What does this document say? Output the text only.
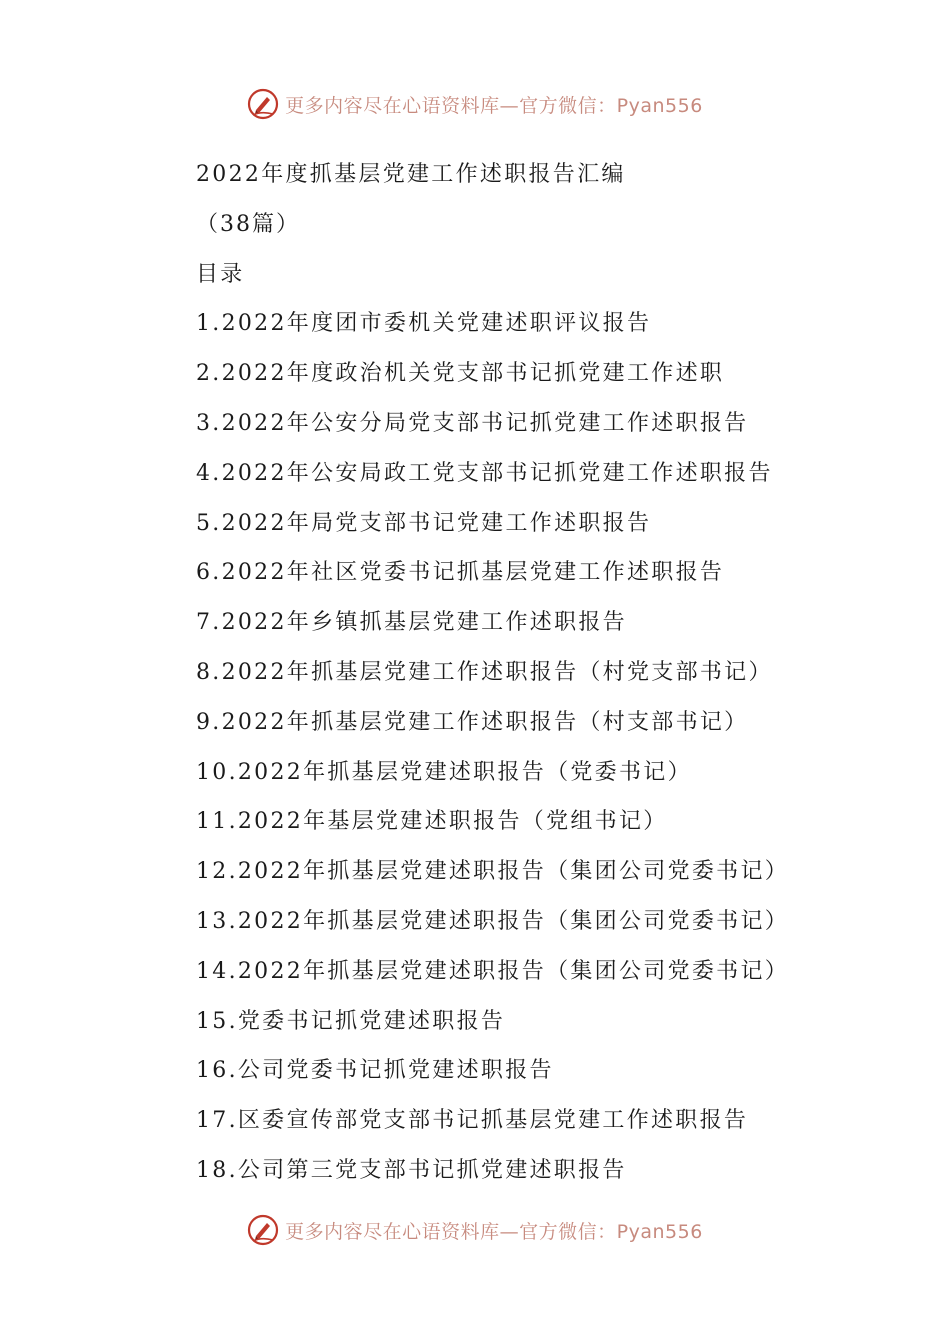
更多内容尽在心语资料库—官方微信：Pyan556
2022年度抓基层党建工作述职报告汇编
（38篇）
目录
1.2022年度团市委机关党建述职评议报告
2.2022年度政治机关党支部书记抓党建工作述职
3.2022年公安分局党支部书记抓党建工作述职报告
4.2022年公安局政工党支部书记抓党建工作述职报告
5.2022年局党支部书记党建工作述职报告
6.2022年社区党委书记抓基层党建工作述职报告
7.2022年乡镇抓基层党建工作述职报告
8.2022年抓基层党建工作述职报告（村党支部书记）
9.2022年抓基层党建工作述职报告（村支部书记）
10.2022年抓基层党建述职报告（党委书记）
11.2022年基层党建述职报告（党组书记）
12.2022年抓基层党建述职报告（集团公司党委书记）
13.2022年抓基层党建述职报告（集团公司党委书记）
14.2022年抓基层党建述职报告（集团公司党委书记）
15.党委书记抓党建述职报告
16.公司党委书记抓党建述职报告
17.区委宣传部党支部书记抓基层党建工作述职报告
18.公司第三党支部书记抓党建述职报告
更多内容尽在心语资料库—官方微信：Pyan556
